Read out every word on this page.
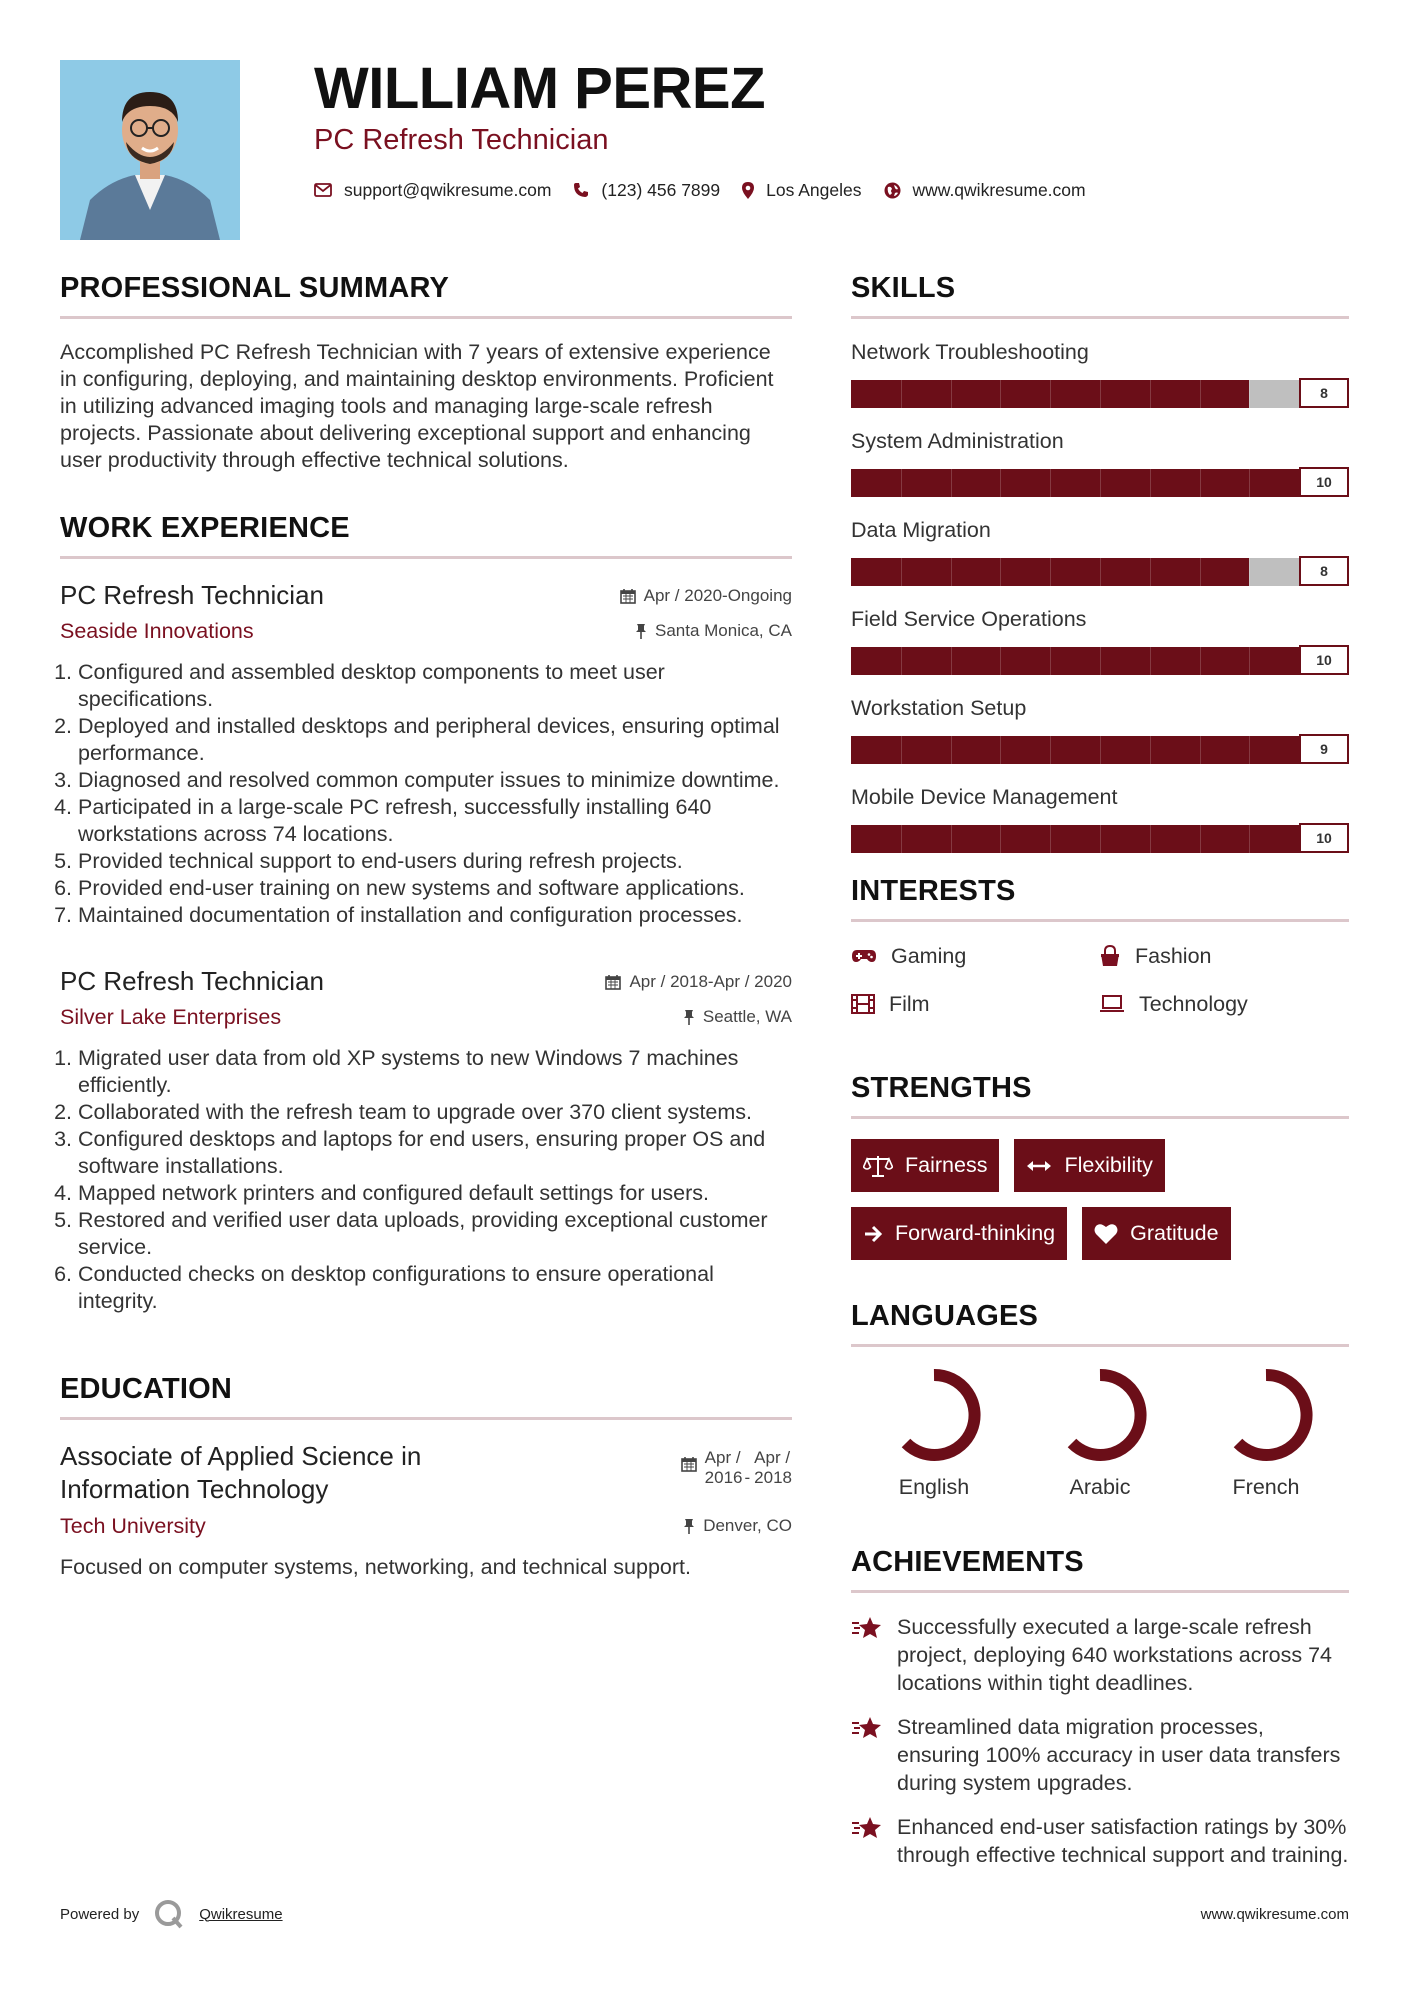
WILLIAM PEREZ
PC Refresh Technician
support@qwikresume.com	(123) 456 7899	Los Angeles	www.qwikresume.com
PROFESSIONAL SUMMARY

Accomplished PC Refresh Technician with 7 years of extensive experience in configuring, deploying, and maintaining desktop environments. Proficient in utilizing advanced imaging tools and managing large-scale refresh projects. Passionate about delivering exceptional support and enhancing user productivity through effective technical solutions.

WORK EXPERIENCE
PC Refresh Technician	Apr / 2020-Ongoing
Seaside Innovations	Santa Monica, CA
1. Configured and assembled desktop components to meet user specifications.
2. Deployed and installed desktops and peripheral devices, ensuring optimal performance.
3. Diagnosed and resolved common computer issues to minimize downtime.
4. Participated in a large-scale PC refresh, successfully installing 640 workstations across 74 locations.
5. Provided technical support to end-users during refresh projects.
6. Provided end-user training on new systems and software applications.
7. Maintained documentation of installation and configuration processes.
PC Refresh Technician	Apr / 2018-Apr / 2020
Silver Lake Enterprises	Seattle, WA
1. Migrated user data from old XP systems to new Windows 7 machines efficiently.
2. Collaborated with the refresh team to upgrade over 370 client systems.
3. Configured desktops and laptops for end users, ensuring proper OS and software installations.
4. Mapped network printers and configured default settings for users.
5. Restored and verified user data uploads, providing exceptional customer service.
6. Conducted checks on desktop configurations to ensure operational integrity.
EDUCATION
Associate of Applied Science in Information Technology
Apr /
2016 -
Apr /
2018
Tech University	Denver, CO

Focused on computer systems, networking, and technical support.

SKILLS
Network Troubleshooting
8
System Administration
10
Data Migration
8
Field Service Operations
10
Workstation Setup
9
Mobile Device Management
10
INTERESTS
Gaming	Fashion
Film	Technology
STRENGTHS
Fairness	Flexibility
Forward-thinking	Gratitude
LANGUAGES
English	Arabic	French
ACHIEVEMENTS
Successfully executed a large-scale refresh project, deploying 640 workstations across 74 locations within tight deadlines.
Streamlined data migration processes, ensuring 100% accuracy in user data transfers during system upgrades.
Enhanced end-user satisfaction ratings by 30% through effective technical support and training.
Powered by	Qwikresume	www.qwikresume.com
